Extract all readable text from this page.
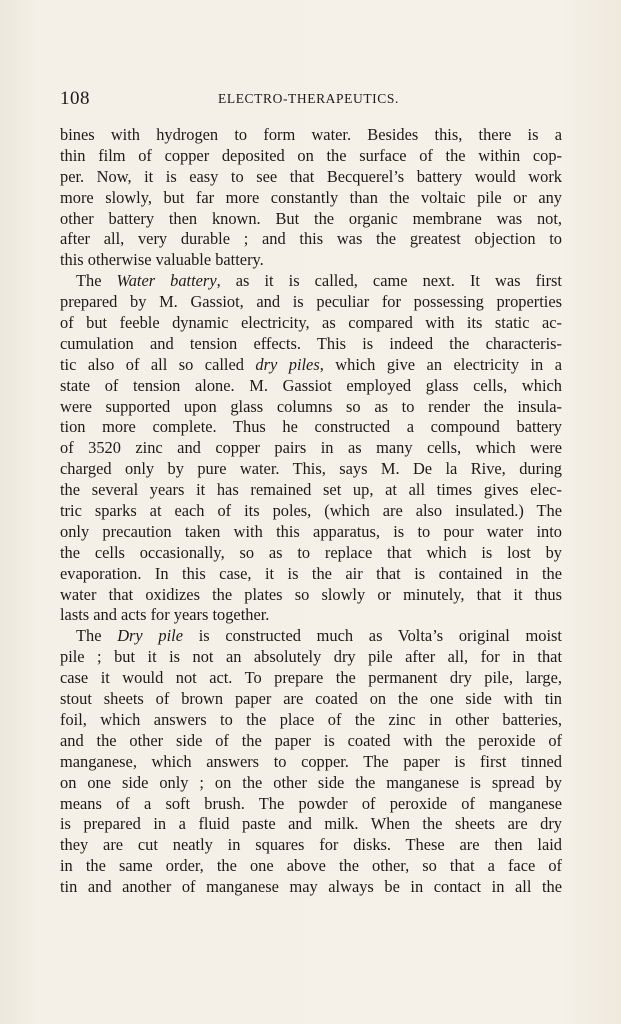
108	ELECTRO-THERAPEUTICS.
bines with hydrogen to form water. Besides this, there is a
thin film of copper deposited on the surface of the within cop-
per. Now, it is easy to see that Becquerel’s battery would work
more slowly, but far more constantly than the voltaic pile or any
other battery then known. But the organic membrane was not,
after all, very durable ; and this was the greatest objection to
this otherwise valuable battery.
The Water battery, as it is called, came next. It was first
prepared by M. Gassiot, and is peculiar for possessing properties
of but feeble dynamic electricity, as compared with its static ac-
cumulation and tension effects. This is indeed the characteris-
tic also of all so called dry piles, which give an electricity in a
state of tension alone. M. Gassiot employed glass cells, which
were supported upon glass columns so as to render the insula-
tion more complete. Thus he constructed a compound battery
of 3520 zinc and copper pairs in as many cells, which were
charged only by pure water. This, says M. De la Rive, during
the several years it has remained set up, at all times gives elec-
tric sparks at each of its poles, (which are also insulated.) The
only precaution taken with this apparatus, is to pour water into
the cells occasionally, so as to replace that which is lost by
evaporation. In this case, it is the air that is contained in the
water that oxidizes the plates so slowly or minutely, that it thus
lasts and acts for years together.
The Dry pile is constructed much as Volta’s original moist
pile ; but it is not an absolutely dry pile after all, for in that
case it would not act. To prepare the permanent dry pile, large,
stout sheets of brown paper are coated on the one side with tin
foil, which answers to the place of the zinc in other batteries,
and the other side of the paper is coated with the peroxide of
manganese, which answers to copper. The paper is first tinned
on one side only ; on the other side the manganese is spread by
means of a soft brush. The powder of peroxide of manganese
is prepared in a fluid paste and milk. When the sheets are dry
they are cut neatly in squares for disks. These are then laid
in the same order, the one above the other, so that a face of
tin and another of manganese may always be in contact in all the
